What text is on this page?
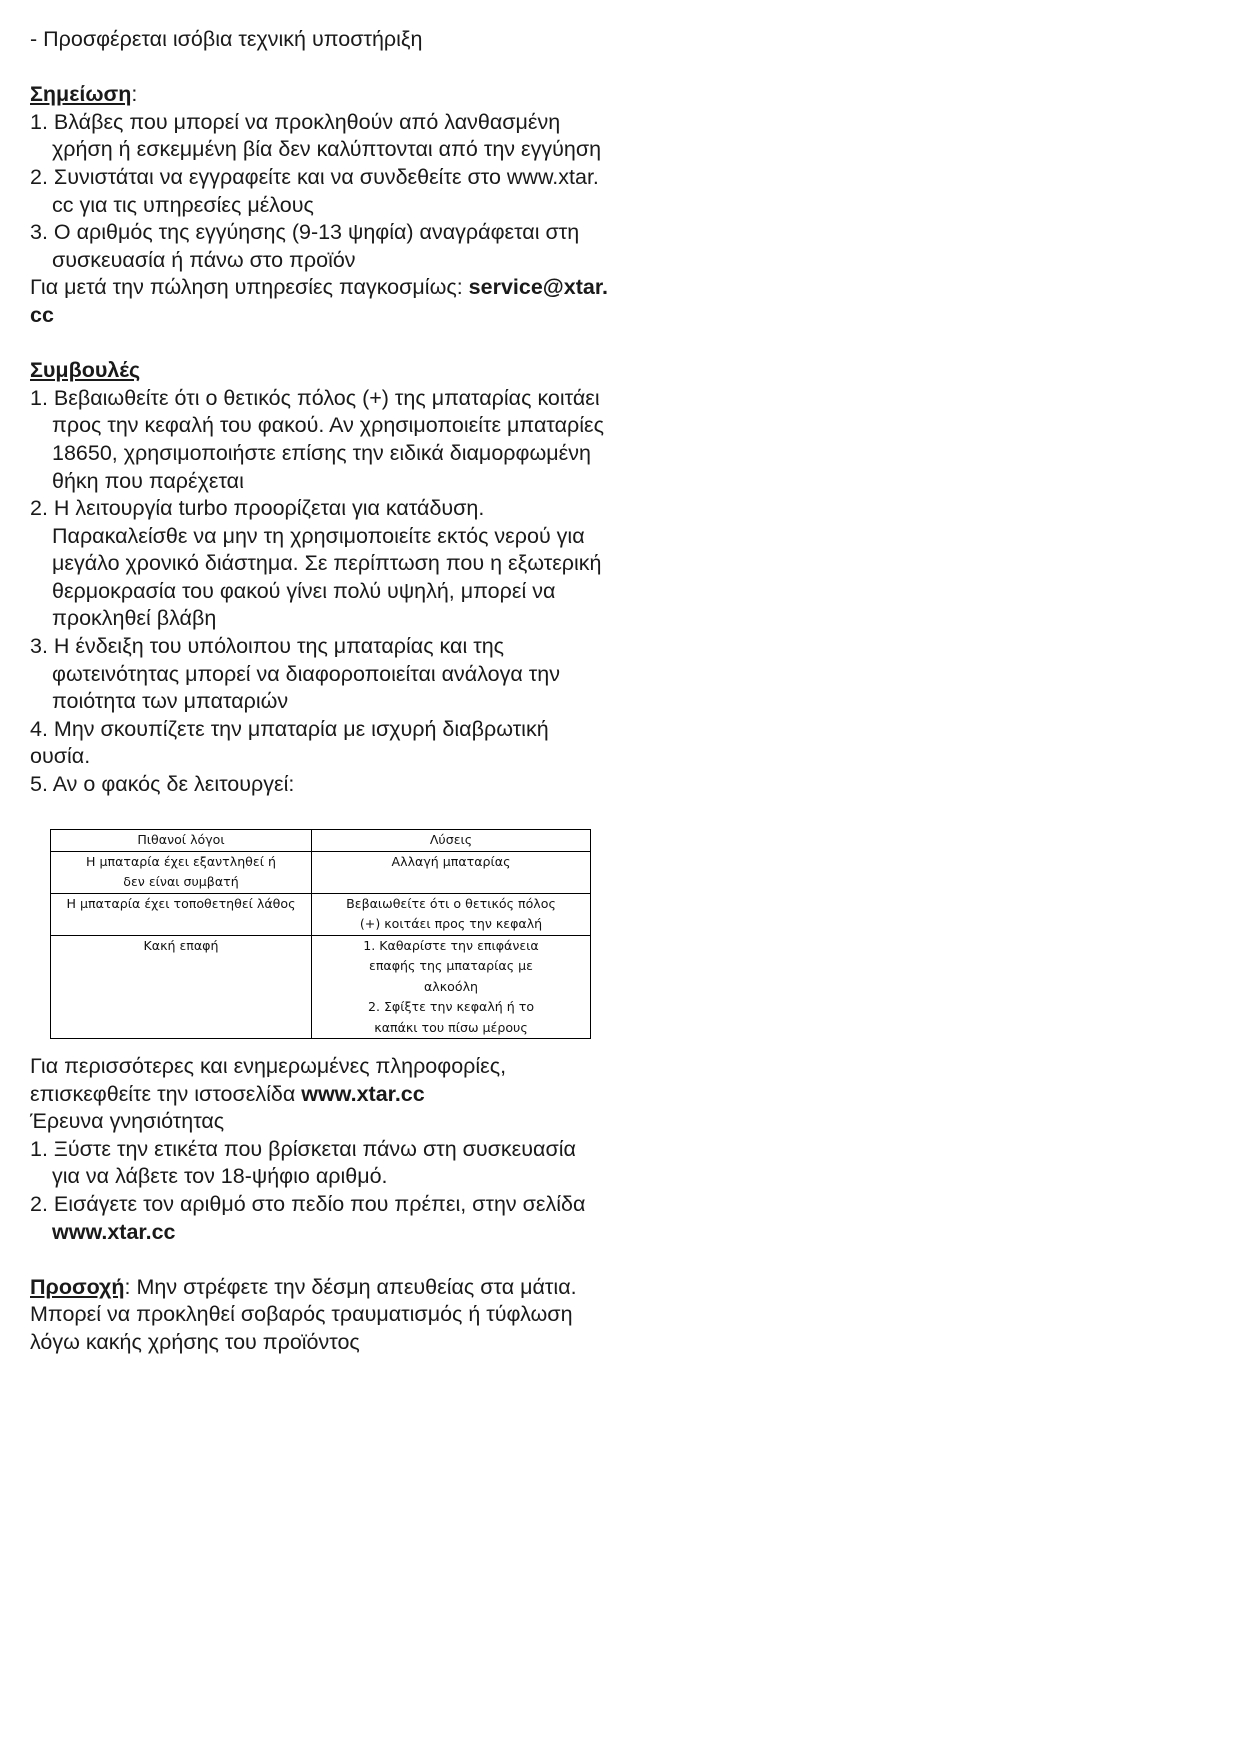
- Προσφέρεται ισόβια τεχνική υποστήριξη
Σημείωση:
1. Βλάβες που μπορεί να προκληθούν από λανθασμένη
χρήση ή εσκεμμένη βία δεν καλύπτονται από την εγγύηση
2. Συνιστάται να εγγραφείτε και να συνδεθείτε στο www.xtar.
cc για τις υπηρεσίες μέλους
3. Ο αριθμός της εγγύησης (9-13 ψηφία) αναγράφεται στη
συσκευασία ή πάνω στο προϊόν
Για μετά την πώληση υπηρεσίες παγκοσμίως: service@xtar.
cc
Συμβουλές
1. Βεβαιωθείτε ότι ο θετικός πόλος (+) της μπαταρίας κοιτάει
προς την κεφαλή του φακού. Αν χρησιμοποιείτε μπαταρίες
18650, χρησιμοποιήστε επίσης την ειδικά διαμορφωμένη
θήκη που παρέχεται
2. Η λειτουργία turbo προορίζεται για κατάδυση.
Παρακαλείσθε να μην τη χρησιμοποιείτε εκτός νερού για
μεγάλο χρονικό διάστημα. Σε περίπτωση που η εξωτερική
θερμοκρασία του φακού γίνει πολύ υψηλή, μπορεί να
προκληθεί βλάβη
3. Η ένδειξη του υπόλοιπου της μπαταρίας και της
φωτεινότητας μπορεί να διαφοροποιείται ανάλογα την
ποιότητα των μπαταριών
4. Μην σκουπίζετε την μπαταρία με ισχυρή διαβρωτική
ουσία.
5. Αν ο φακός δε λειτουργεί:
Πιθανοί λόγοι	Λύσεις

Η μπαταρία έχει εξαντληθεί ή
δεν είναι συμβατή	Αλλαγή μπαταρίας

Η μπαταρία έχει τοποθετηθεί λάθος	Βεβαιωθείτε ότι ο θετικός πόλος
(+) κοιτάει προς την κεφαλή

Κακή επαφή	1. Καθαρίστε την επιφάνεια
επαφής της μπαταρίας με
αλκοόλη
2. Σφίξτε την κεφαλή ή το
καπάκι του πίσω μέρους
Για περισσότερες και ενημερωμένες πληροφορίες,
επισκεφθείτε την ιστοσελίδα www.xtar.cc
Έρευνα γνησιότητας
1. Ξύστε την ετικέτα που βρίσκεται πάνω στη συσκευασία
για να λάβετε τον 18-ψήφιο αριθμό.
2. Εισάγετε τον αριθμό στο πεδίο που πρέπει, στην σελίδα
www.xtar.cc
Προσοχή: Μην στρέφετε την δέσμη απευθείας στα μάτια.
Μπορεί να προκληθεί σοβαρός τραυματισμός ή τύφλωση
λόγω κακής χρήσης του προϊόντος
